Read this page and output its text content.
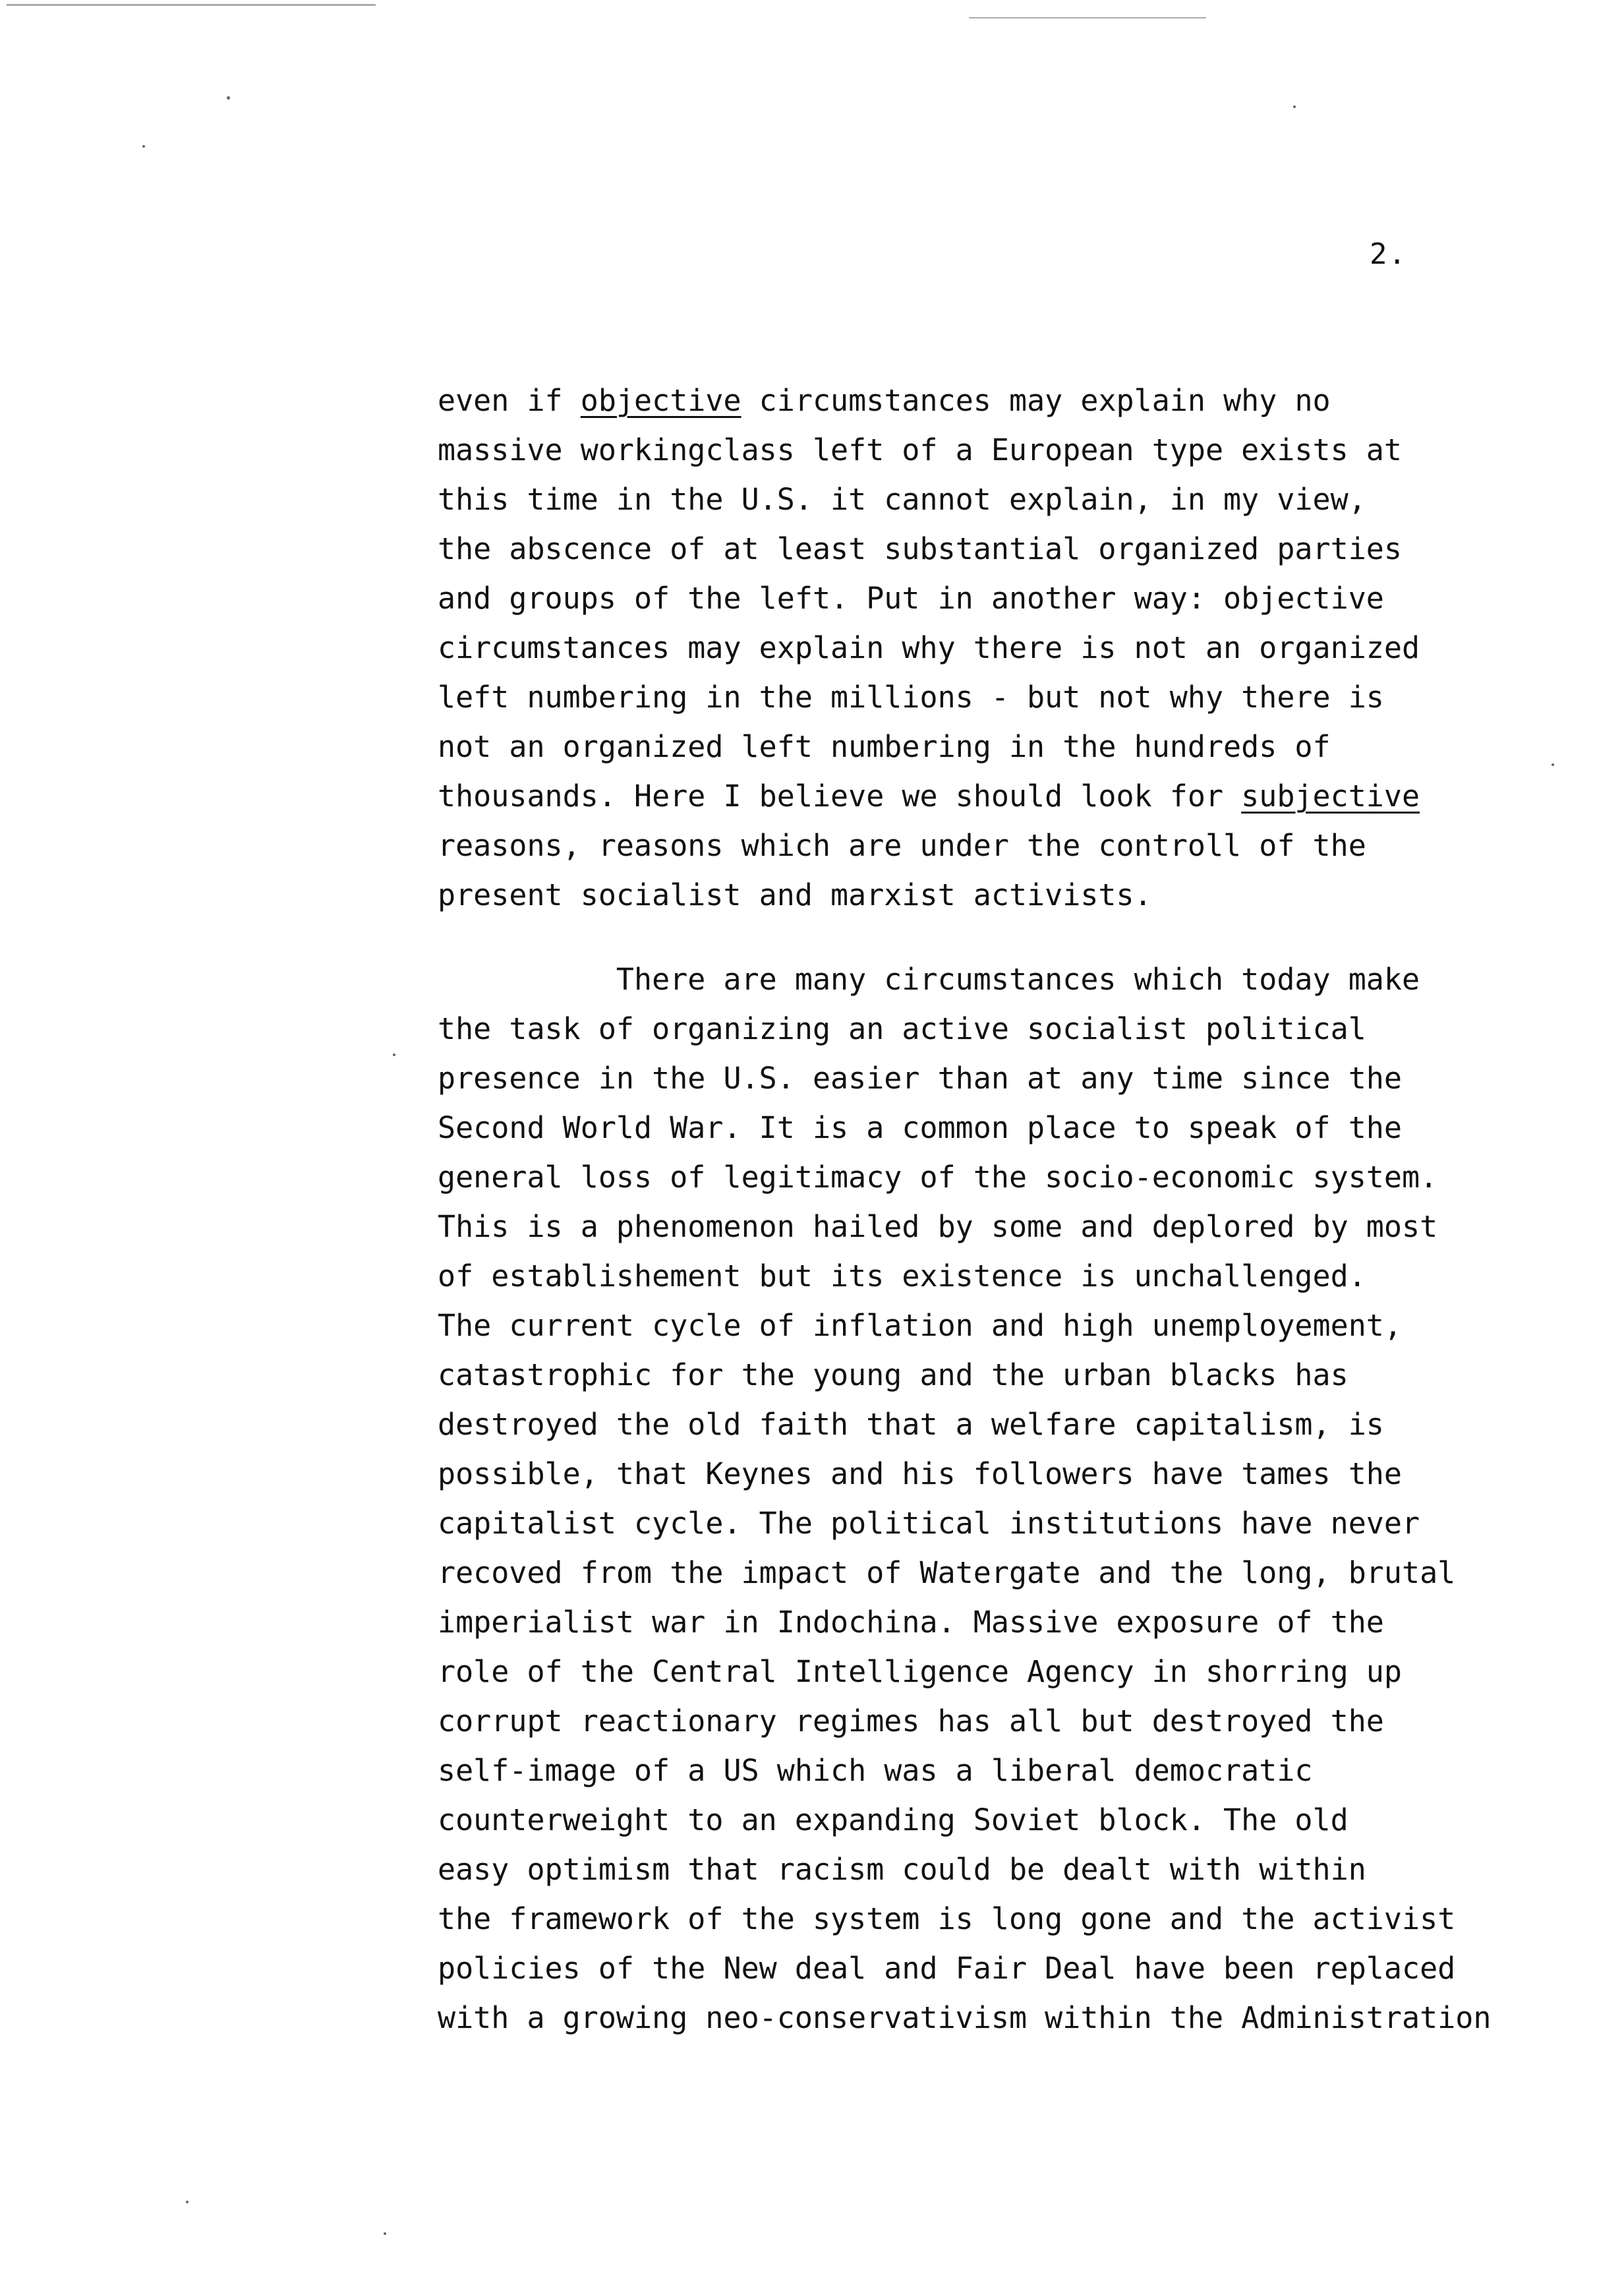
2.
even if objective circumstances may explain why no
massive workingclass left of a European type exists at
this time in the U.S. it cannot explain, in my view,
the abscence of at least substantial organized parties
and groups of the left. Put in another way: objective
circumstances may explain why there is not an organized
left numbering in the millions - but not why there is
not an organized left numbering in the hundreds of
thousands. Here I believe we should look for subjective
reasons, reasons which are under the controll of the
present socialist and marxist activists.
There are many circumstances which today make
the task of organizing an active socialist political
presence in the U.S. easier than at any time since the
Second World War. It is a common place to speak of the
general loss of legitimacy of the socio-economic system.
This is a phenomenon hailed by some and deplored by most
of establishement but its existence is unchallenged.
The current cycle of inflation and high unemployement,
catastrophic for the young and the urban blacks has
destroyed the old faith that a welfare capitalism, is
possible, that Keynes and his followers have tames the
capitalist cycle. The political institutions have never
recoved from the impact of Watergate and the long, brutal
imperialist war in Indochina. Massive exposure of the
role of the Central Intelligence Agency in shorring up
corrupt reactionary regimes has all but destroyed the
self-image of a US which was a liberal democratic
counterweight to an expanding Soviet block. The old
easy optimism that racism could be dealt with within
the framework of the system is long gone and the activist
policies of the New deal and Fair Deal have been replaced
with a growing neo-conservativism within the Administration
